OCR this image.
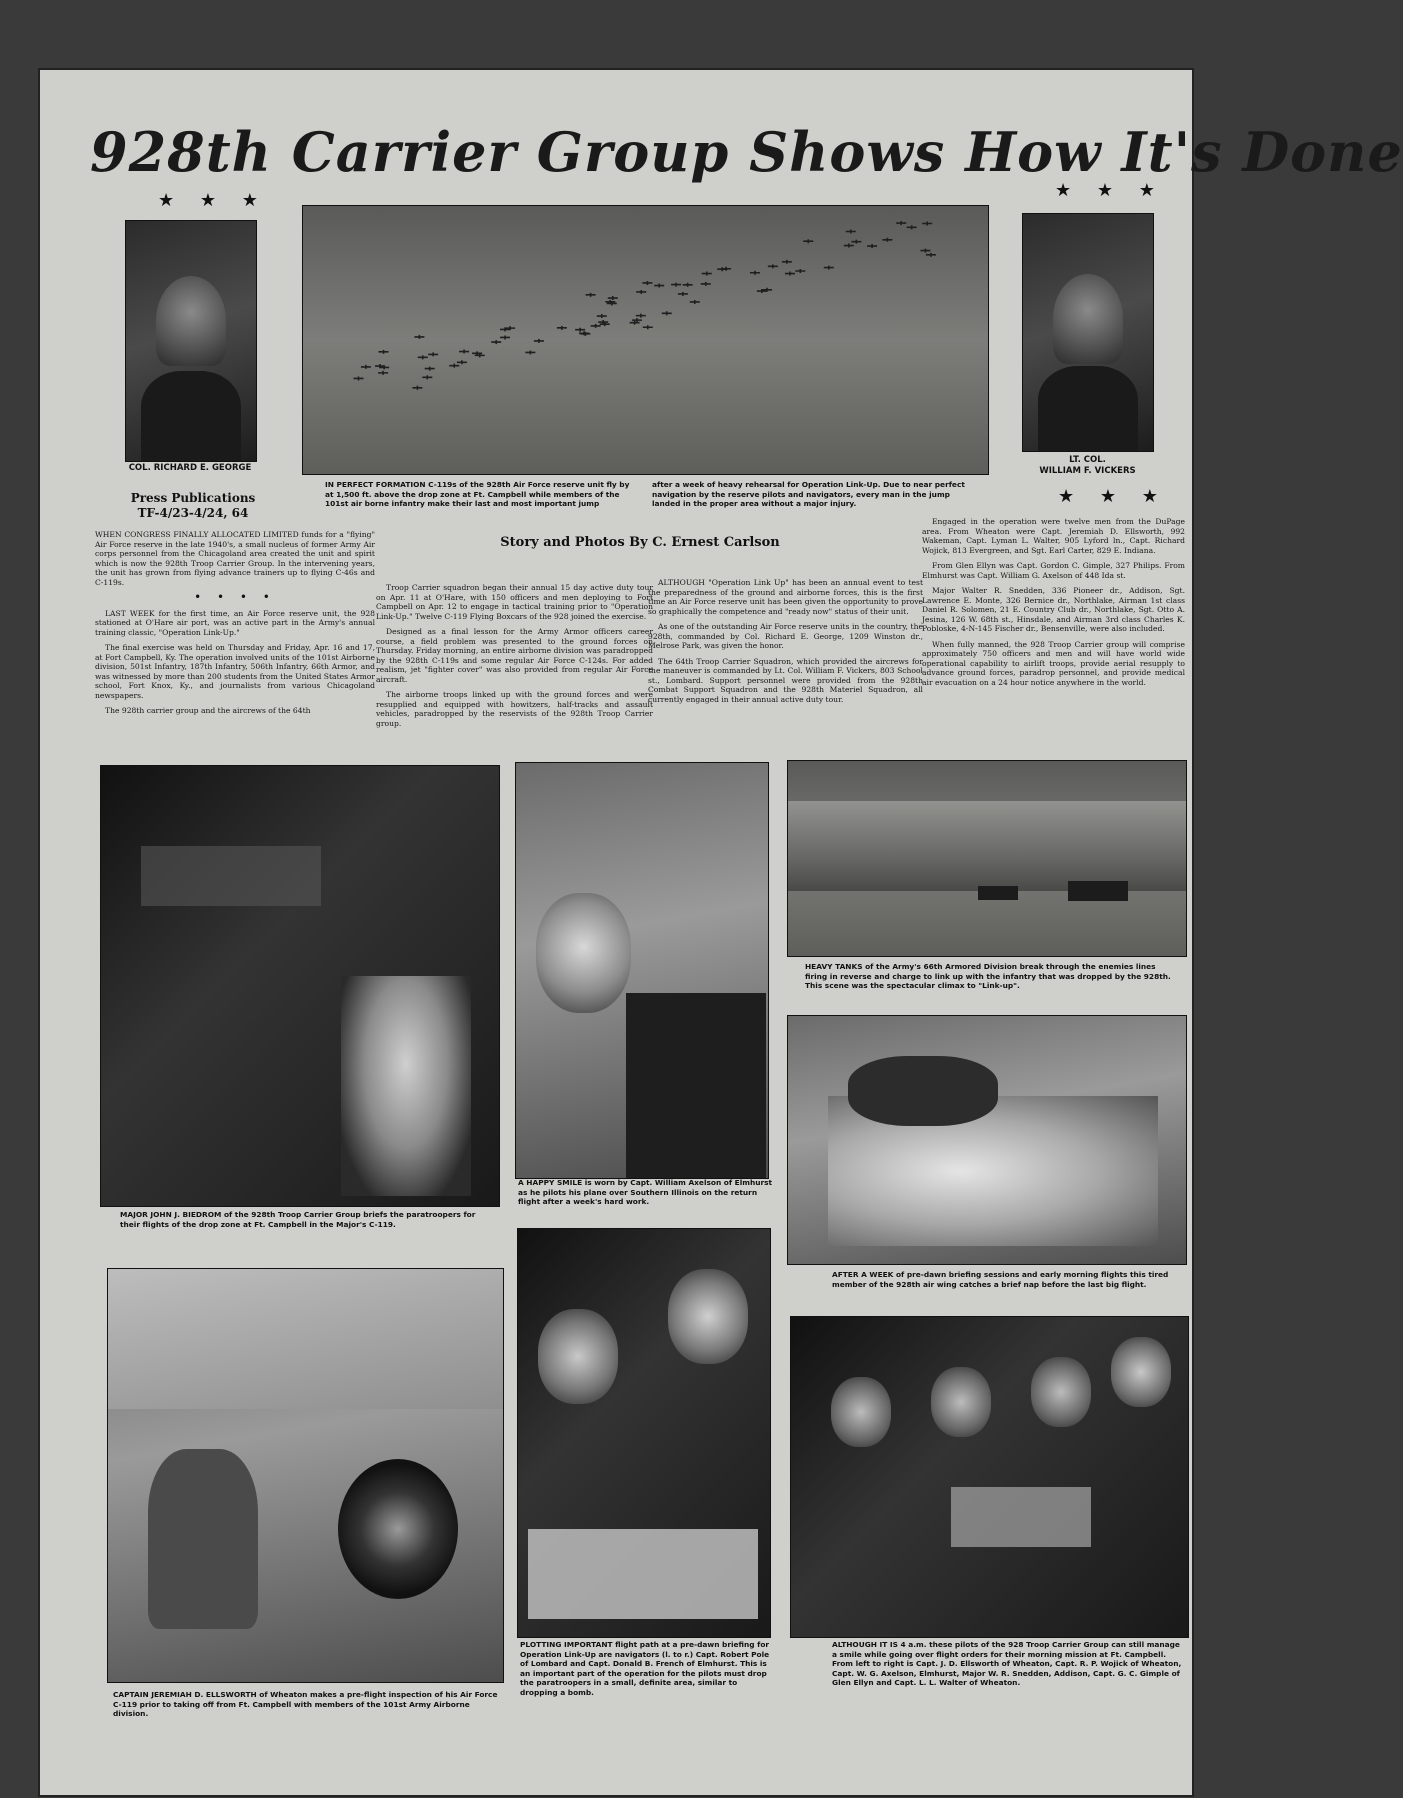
928th Carrier Group Shows How It's Done
★ ★ ★	★ ★ ★
COL. RICHARD E. GEORGE
Press Publications
TF-4/23-4/24, 64
IN PERFECT FORMATION C-119s of the 928th Air Force reserve unit fly by at 1,500 ft. above the drop zone at Ft. Campbell while members of the 101st air borne infantry make their last and most important jump
after a week of heavy rehearsal for Operation Link-Up. Due to near perfect navigation by the reserve pilots and navigators, every man in the jump landed in the proper area without a major injury.
LT. COL.
WILLIAM F. VICKERS
★ ★ ★
Story and Photos By C. Ernest Carlson

WHEN CONGRESS FINALLY ALLOCATED LIMITED funds for a "flying" Air Force reserve in the late 1940's, a small nucleus of former Army Air corps personnel from the Chicagoland area created the unit and spirit which is now the 928th Troop Carrier Group. In the intervening years, the unit has grown from flying advance trainers up to flying C-46s and C-119s.

• • • •

LAST WEEK for the first time, an Air Force reserve unit, the 928 stationed at O'Hare air port, was an active part in the Army's annual training classic, "Operation Link-Up."

The final exercise was held on Thursday and Friday, Apr. 16 and 17, at Fort Campbell, Ky. The operation involved units of the 101st Airborne division, 501st Infantry, 187th Infantry, 506th Infantry, 66th Armor, and was witnessed by more than 200 students from the United States Armor school, Fort Knox, Ky., and journalists from various Chicagoland newspapers.

The 928th carrier group and the aircrews of the 64th

Troop Carrier squadron began their annual 15 day active duty tour on Apr. 11 at O'Hare, with 150 officers and men deploying to Fort Campbell on Apr. 12 to engage in tactical training prior to "Operation Link-Up." Twelve C-119 Flying Boxcars of the 928 joined the exercise.

Designed as a final lesson for the Army Armor officers career course, a field problem was presented to the ground forces on Thursday. Friday morning, an entire airborne division was paradropped by the 928th C-119s and some regular Air Force C-124s. For added realism, jet "fighter cover" was also provided from regular Air Force aircraft.

The airborne troops linked up with the ground forces and were resupplied and equipped with howitzers, half-tracks and assault vehicles, paradropped by the reservists of the 928th Troop Carrier group.

ALTHOUGH "Operation Link Up" has been an annual event to test the preparedness of the ground and airborne forces, this is the first time an Air Force reserve unit has been given the opportunity to prove so graphically the competence and "ready now" status of their unit.

As one of the outstanding Air Force reserve units in the country, the 928th, commanded by Col. Richard E. George, 1209 Winston dr., Melrose Park, was given the honor.

The 64th Troop Carrier Squadron, which provided the aircrews for the maneuver is commanded by Lt. Col. William F. Vickers, 803 School st., Lombard. Support personnel were provided from the 928th Combat Support Squadron and the 928th Materiel Squadron, all currently engaged in their annual active duty tour.

Engaged in the operation were twelve men from the DuPage area. From Wheaton were Capt. Jeremiah D. Ellsworth, 992 Wakeman, Capt. Lyman L. Walter, 905 Lyford ln., Capt. Richard Wojick, 813 Evergreen, and Sgt. Earl Carter, 829 E. Indiana.

From Glen Ellyn was Capt. Gordon C. Gimple, 327 Philips. From Elmhurst was Capt. William G. Axelson of 448 Ida st.

Major Walter R. Snedden, 336 Pioneer dr., Addison, Sgt. Lawrence E. Monte, 326 Bernice dr., Northlake, Airman 1st class Daniel R. Solomen, 21 E. Country Club dr., Northlake, Sgt. Otto A. Jesina, 126 W. 68th st., Hinsdale, and Airman 3rd class Charles K. Pobloske, 4-N-145 Fischer dr., Bensenville, were also included.

When fully manned, the 928 Troop Carrier group will comprise approximately 750 officers and men and will have world wide operational capability to airlift troops, provide aerial resupply to advance ground forces, paradrop personnel, and provide medical air evacuation on a 24 hour notice anywhere in the world.

MAJOR JOHN J. BIEDROM of the 928th Troop Carrier Group briefs the paratroopers for their flights of the drop zone at Ft. Campbell in the Major's C-119.
A HAPPY SMILE is worn by Capt. William Axelson of Elmhurst as he pilots his plane over Southern Illinois on the return flight after a week's hard work.
HEAVY TANKS of the Army's 66th Armored Division break through the enemies lines firing in reverse and charge to link up with the infantry that was dropped by the 928th. This scene was the spectacular climax to "Link-up".
AFTER A WEEK of pre-dawn briefing sessions and early morning flights this tired member of the 928th air wing catches a brief nap before the last big flight.
CAPTAIN JEREMIAH D. ELLSWORTH of Wheaton makes a pre-flight inspection of his Air Force C-119 prior to taking off from Ft. Campbell with members of the 101st Army Airborne division.
PLOTTING IMPORTANT flight path at a pre-dawn briefing for Operation Link-Up are navigators (l. to r.) Capt. Robert Pole of Lombard and Capt. Donald B. French of Elmhurst. This is an important part of the operation for the pilots must drop the paratroopers in a small, definite area, similar to dropping a bomb.
ALTHOUGH IT IS 4 a.m. these pilots of the 928 Troop Carrier Group can still manage a smile while going over flight orders for their morning mission at Ft. Campbell. From left to right is Capt. J. D. Ellsworth of Wheaton, Capt. R. P. Wojick of Wheaton, Capt. W. G. Axelson, Elmhurst, Major W. R. Snedden, Addison, Capt. G. C. Gimple of Glen Ellyn and Capt. L. L. Walter of Wheaton.
